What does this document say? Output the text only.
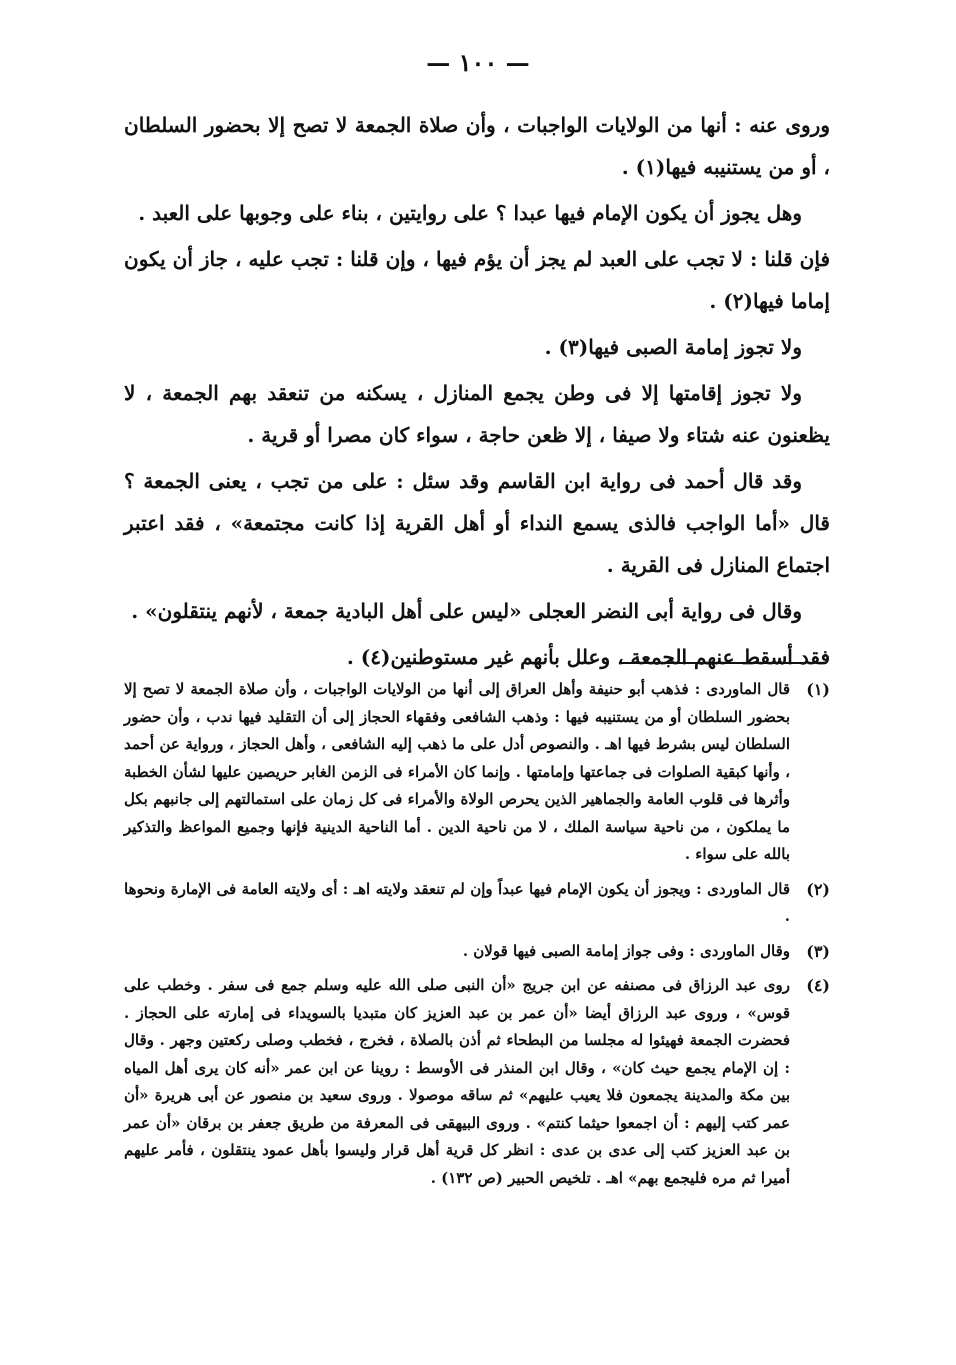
— ١٠٠ —

وروى عنه : أنها من الولايات الواجبات ، وأن صلاة الجمعة لا تصح إلا بحضور السلطان ، أو من يستنيبه فيها(١) .

وهل يجوز أن يكون الإمام فيها عبدا ؟ على روايتين ، بناء على وجوبها على العبد .

فإن قلنا : لا تجب على العبد لم يجز أن يؤم فيها ، وإن قلنا : تجب عليه ، جاز أن يكون إماما فيها(٢) .

ولا تجوز إمامة الصبى فيها(٣) .

ولا تجوز إقامتها إلا فى وطن يجمع المنازل ، يسكنه من تنعقد بهم الجمعة ، لا يظعنون عنه شتاء ولا صيفا ، إلا ظعن حاجة ، سواء كان مصرا أو قرية .

وقد قال أحمد فى رواية ابن القاسم وقد سئل : على من تجب ، يعنى الجمعة ؟ قال «أما الواجب فالذى يسمع النداء أو أهل القرية إذا كانت مجتمعة» ، فقد اعتبر اجتماع المنازل فى القرية .

وقال فى رواية أبى النضر العجلى «ليس على أهل البادية جمعة ، لأنهم ينتقلون» .

فقد أسقط عنهم الجمعة ، وعلل بأنهم غير مستوطنين(٤) .

(١)
قال الماوردى : فذهب أبو حنيفة وأهل العراق إلى أنها من الولايات الواجبات ، وأن صلاة الجمعة لا تصح إلا بحضور السلطان أو من يستنيبه فيها : وذهب الشافعى وفقهاء الحجاز إلى أن التقليد فيها ندب ، وأن حضور السلطان ليس بشرط فيها اهـ . والنصوص أدل على ما ذهب إليه الشافعى ، وأهل الحجاز ، ورواية عن أحمد ، وأنها كبقية الصلوات فى جماعتها وإمامتها . وإنما كان الأمراء فى الزمن الغابر حريصين عليها لشأن الخطبة وأثرها فى قلوب العامة والجماهير الذين يحرص الولاة والأمراء فى كل زمان على استمالتهم إلى جانبهم بكل ما يملكون ، من ناحية سياسة الملك ، لا من ناحية الدين . أما الناحية الدينية فإنها وجميع المواعظ والتذكير بالله على سواء .
(٢)
قال الماوردى : ويجوز أن يكون الإمام فيها عبداً وإن لم تنعقد ولايته اهـ : أى ولايته العامة فى الإمارة ونحوها .
(٣)
وقال الماوردى : وفى جواز إمامة الصبى فيها قولان .
(٤)
روى عبد الرزاق فى مصنفه عن ابن جريج «أن النبى صلى الله عليه وسلم جمع فى سفر . وخطب على قوس» ، وروى عبد الرزاق أيضا «أن عمر بن عبد العزيز كان متبديا بالسويداء فى إمارته على الحجاز . فحضرت الجمعة فهيئوا له مجلسا من البطحاء ثم أذن بالصلاة ، فخرج ، فخطب وصلى ركعتين وجهر . وقال : إن الإمام يجمع حيث كان» ، وقال ابن المنذر فى الأوسط : روينا عن ابن عمر «أنه كان يرى أهل المياه بين مكة والمدينة يجمعون فلا يعيب عليهم» ثم ساقه موصولا . وروى سعيد بن منصور عن أبى هريرة «أن عمر كتب إليهم : أن اجمعوا حيثما كنتم» . وروى البيهقى فى المعرفة من طريق جعفر بن برقان «أن عمر بن عبد العزيز كتب إلى عدى بن عدى : انظر كل قرية أهل قرار وليسوا بأهل عمود ينتقلون ، فأمر عليهم أميرا ثم مره فليجمع بهم» اهـ . تلخيص الحبير (ص ١٣٢) .
